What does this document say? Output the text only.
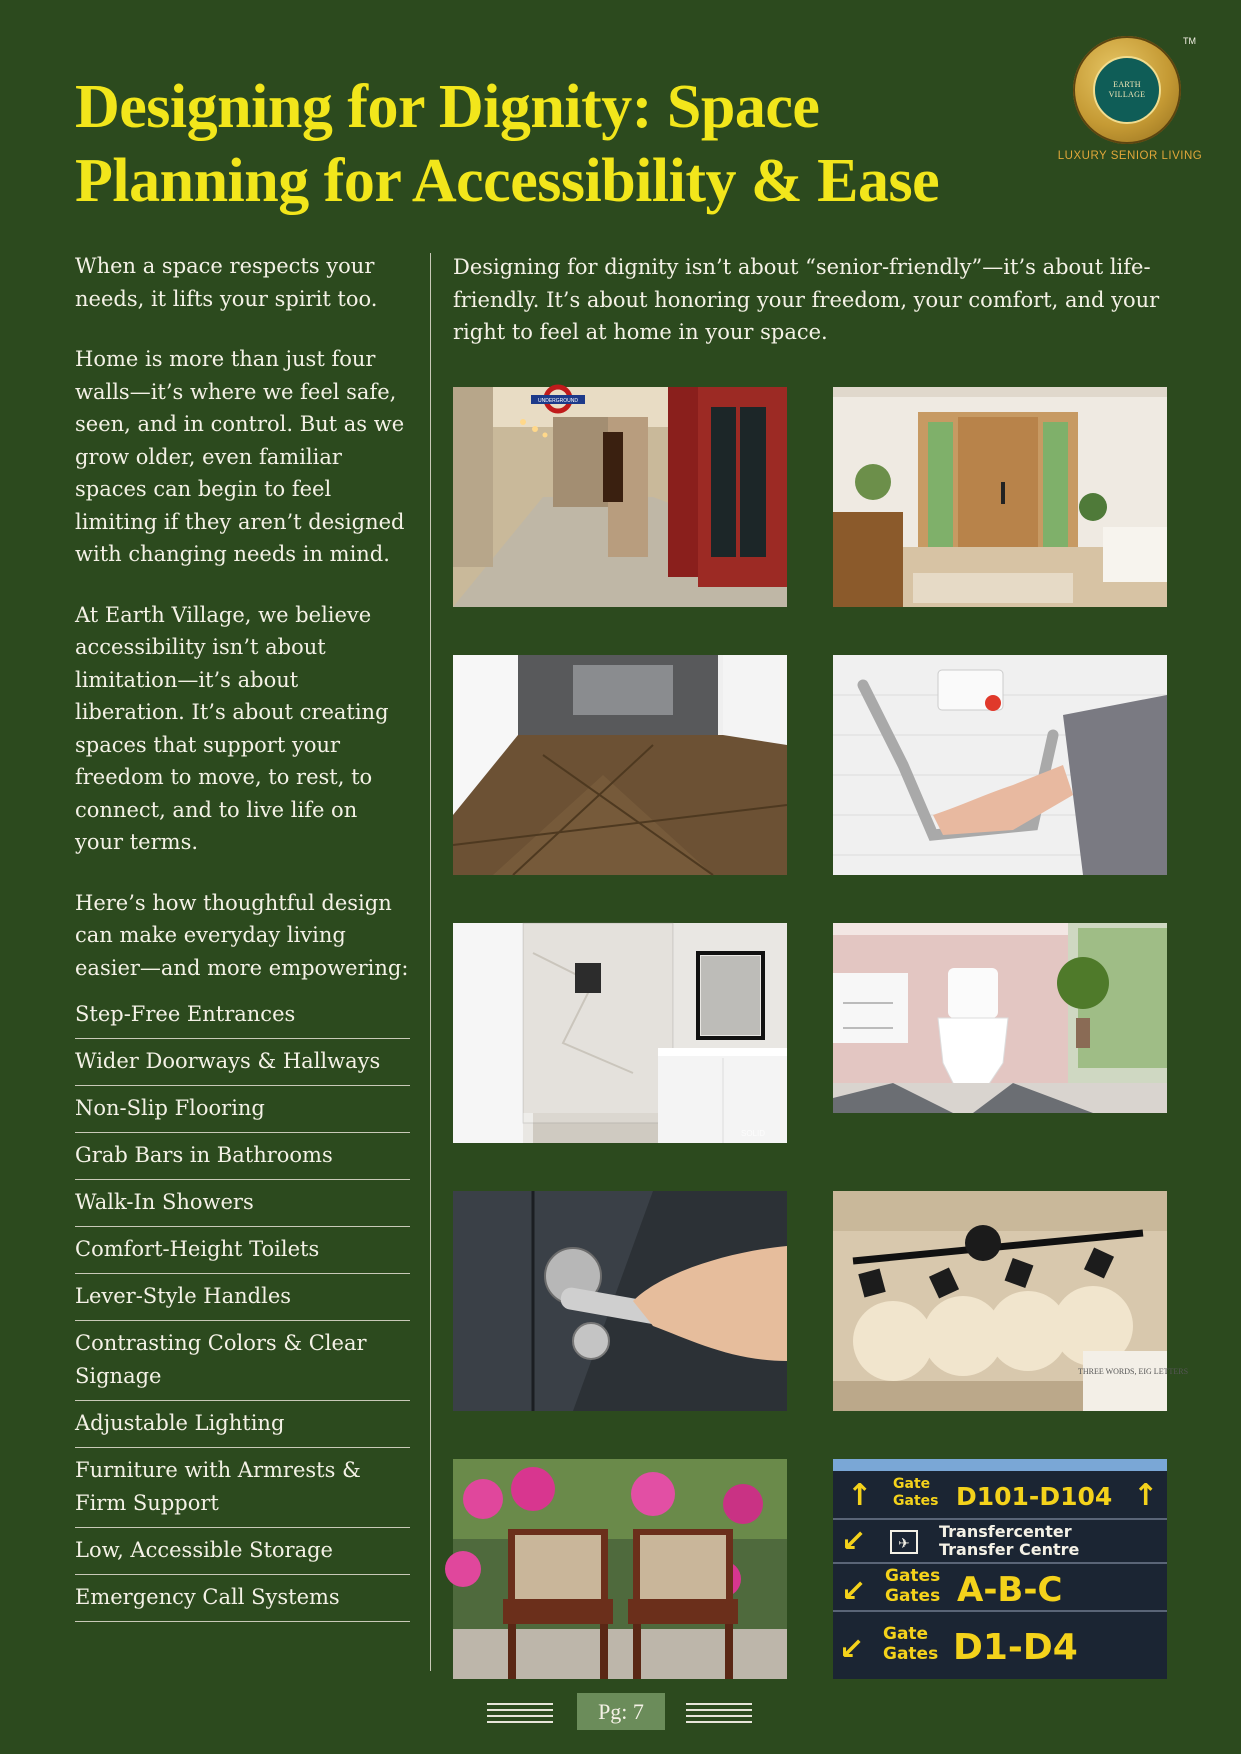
Designing for Dignity: Space
Planning for Accessibility & Ease
TM
EARTH VILLAGE
LUXURY SENIOR LIVING

When a space respects your needs, it lifts your spirit too.

Home is more than just four walls—it’s where we feel safe, seen, and in control. But as we grow older, even familiar spaces can begin to feel limiting if they aren’t designed with changing needs in mind.

At Earth Village, we believe accessibility isn’t about limitation—it’s about liberation. It’s about creating spaces that support your freedom to move, to rest, to connect, and to live life on your terms.

Here’s how thoughtful design can make everyday living easier—and more empowering:

Step-Free Entrances
Wider Doorways & Hallways
Non-Slip Flooring
Grab Bars in Bathrooms
Walk-In Showers
Comfort-Height Toilets
Lever-Style Handles
Contrasting Colors & Clear Signage
Adjustable Lighting
Furniture with Armrests & Firm Support
Low, Accessible Storage
Emergency Call Systems

Designing for dignity isn’t about “senior-friendly”—it’s about life-friendly. It’s about honoring your freedom, your comfort, and your right to feel at home in your space.

UNDERGROUND
SOLID
THREE WORDS, EIG LETTERS
↑ Gate
Gates D101-D104 ↑
↙ ✈
Transfercenter
Transfer Centre
↙ Gates
Gates A-B-C
↙ Gate
Gates D1-D4
Pg: 7
